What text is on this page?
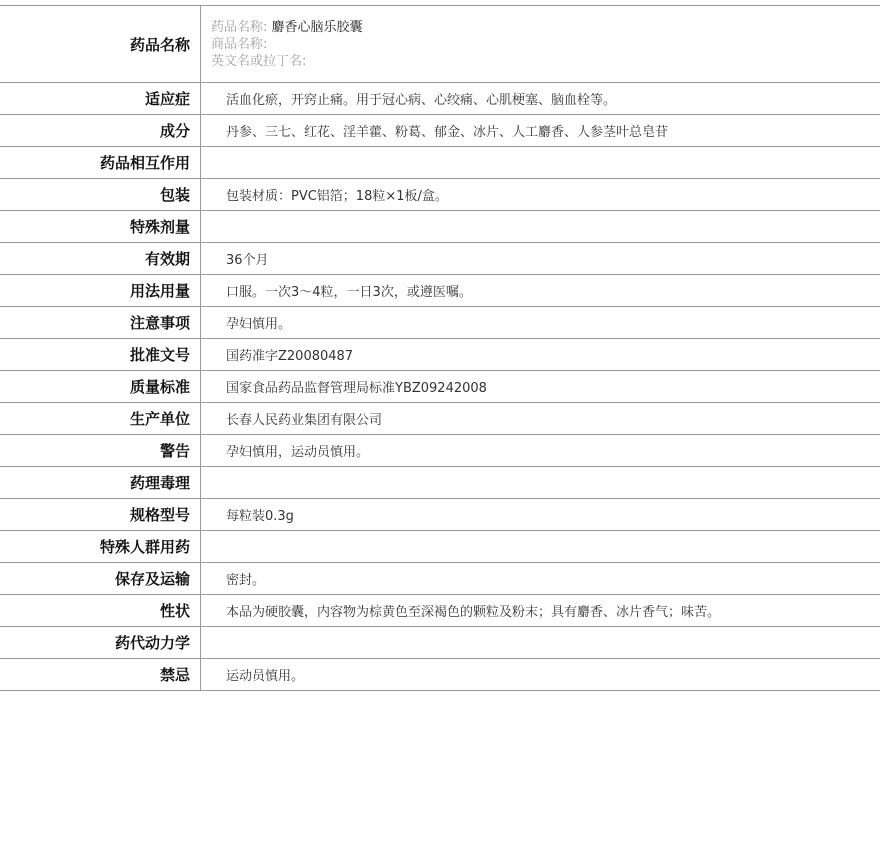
药品名称	药品名称: 麝香心脑乐胶囊
商品名称:
英文名或拉丁名:

适应症	活血化瘀，开窍止痛。用于冠心病、心绞痛、心肌梗塞、脑血栓等。
成分	丹参、三七、红花、淫羊藿、粉葛、郁金、冰片、人工麝香、人参茎叶总皂苷
药品相互作用	
包装	包装材质：PVC铝箔；18粒×1板/盒。
特殊剂量	
有效期	36个月
用法用量	口服。一次3～4粒，一日3次，或遵医嘱。
注意事项	孕妇慎用。
批准文号	国药准字Z20080487
质量标准	国家食品药品监督管理局标准YBZ09242008
生产单位	长春人民药业集团有限公司
警告	孕妇慎用，运动员慎用。
药理毒理	
规格型号	每粒装0.3g
特殊人群用药	
保存及运输	密封。
性状	本品为硬胶囊，内容物为棕黄色至深褐色的颗粒及粉末；具有麝香、冰片香气；味苦。
药代动力学	
禁忌	运动员慎用。
